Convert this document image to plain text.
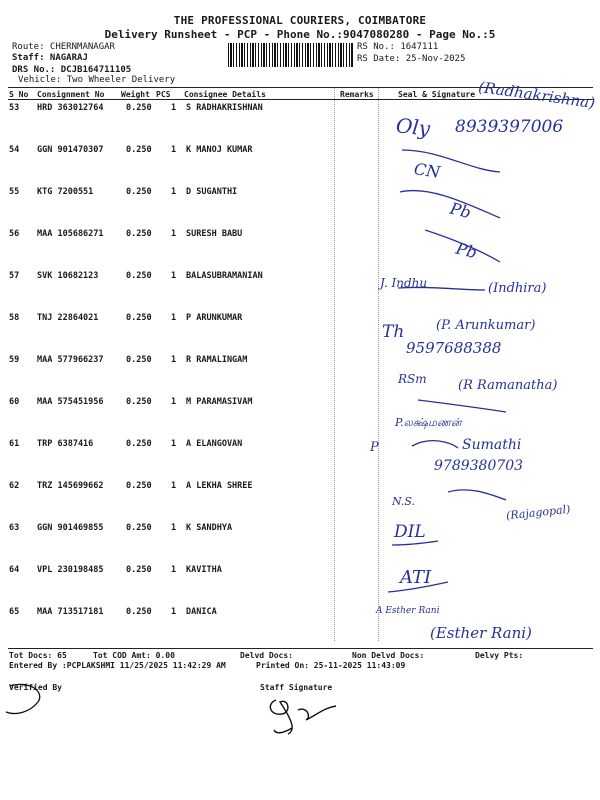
THE PROFESSIONAL COURIERS, COIMBATORE
Delivery Runsheet - PCP - Phone No.:9047080280 - Page No.:5
Route: CHERNMANAGAR
Staff: NAGARAJ
DRS No.: DCJB164711105
Vehicle: Two Wheeler Delivery
RS No.: 1647111
RS Date: 25-Nov-2025
S No Consignment No Weight PCS Consignee Details	Remarks	Seal & Signature
53 HRD 363012764	0.250 1 S RADHAKRISHNAN
54 GGN 901470307	0.250 1 K MANOJ KUMAR
55 KTG 7200551	0.250 1 D SUGANTHI
56 MAA 105686271	0.250 1 SURESH BABU
57 SVK 10682123	0.250 1 BALASUBRAMANIAN
58 TNJ 22864021	0.250 1 P ARUNKUMAR
59 MAA 577966237	0.250 1 R RAMALINGAM
60 MAA 575451956	0.250 1 M PARAMASIVAM
61 TRP 6387416	0.250 1 A ELANGOVAN
62 TRZ 145699662	0.250 1 A LEKHA SHREE
63 GGN 901469855	0.250 1 K SANDHYA
64 VPL 230198485	0.250 1 KAVITHA
65 MAA 713517181	0.250 1 DANICA
(Radhakrishna)
Oly 8939397006
CN
Pb
Pb
J. Indhu	(Indhira)
Th (P. Arunkumar)
9597688388
RSm (R Ramanatha)
P.லக்ஷ்மணன்
P	Sumathi
9789380703
N.S.
(Rajagopal)
DIL
ATI
A Esther Rani
(Esther Rani)
Tot Docs: 65	Tot COD Amt: 0.00	Delvd Docs:	Non Delvd Docs:	Delvy Pts:
Entered By :PCPLAKSHMI 11/25/2025 11:42:29 AM	Printed On: 25-11-2025 11:43:09
Verified By	Staff Signature
